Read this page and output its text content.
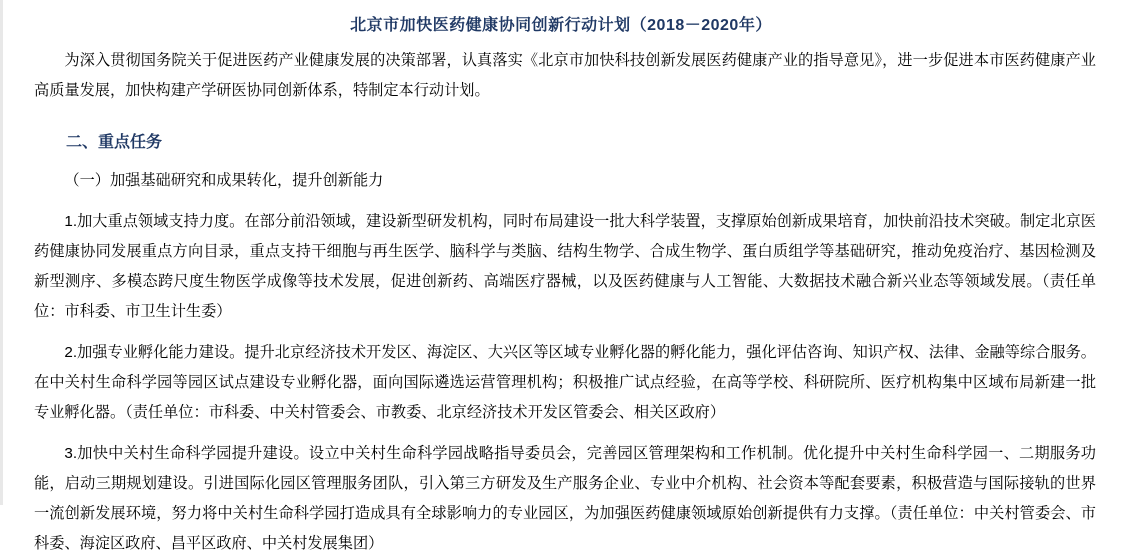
北京市加快医药健康协同创新行动计划（2018－2020年）

为深入贯彻国务院关于促进医药产业健康发展的决策部署，认真落实《北京市加快科技创新发展医药健康产业的指导意见》，进一步促进本市医药健康产业高质量发展，加快构建产学研医协同创新体系，特制定本行动计划。

二、重点任务

（一）加强基础研究和成果转化，提升创新能力

1.加大重点领域支持力度。在部分前沿领域，建设新型研发机构，同时布局建设一批大科学装置，支撑原始创新成果培育，加快前沿技术突破。制定北京医药健康协同发展重点方向目录，重点支持干细胞与再生医学、脑科学与类脑、结构生物学、合成生物学、蛋白质组学等基础研究，推动免疫治疗、基因检测及新型测序、多模态跨尺度生物医学成像等技术发展，促进创新药、高端医疗器械，以及医药健康与人工智能、大数据技术融合新兴业态等领域发展。（责任单位：市科委、市卫生计生委）

2.加强专业孵化能力建设。提升北京经济技术开发区、海淀区、大兴区等区域专业孵化器的孵化能力，强化评估咨询、知识产权、法律、金融等综合服务。在中关村生命科学园等园区试点建设专业孵化器，面向国际遴选运营管理机构；积极推广试点经验，在高等学校、科研院所、医疗机构集中区域布局新建一批专业孵化器。（责任单位：市科委、中关村管委会、市教委、北京经济技术开发区管委会、相关区政府）

3.加快中关村生命科学园提升建设。设立中关村生命科学园战略指导委员会，完善园区管理架构和工作机制。优化提升中关村生命科学园一、二期服务功能，启动三期规划建设。引进国际化园区管理服务团队，引入第三方研发及生产服务企业、专业中介机构、社会资本等配套要素，积极营造与国际接轨的世界一流创新发展环境，努力将中关村生命科学园打造成具有全球影响力的专业园区，为加强医药健康领域原始创新提供有力支撑。（责任单位：中关村管委会、市科委、海淀区政府、昌平区政府、中关村发展集团）
